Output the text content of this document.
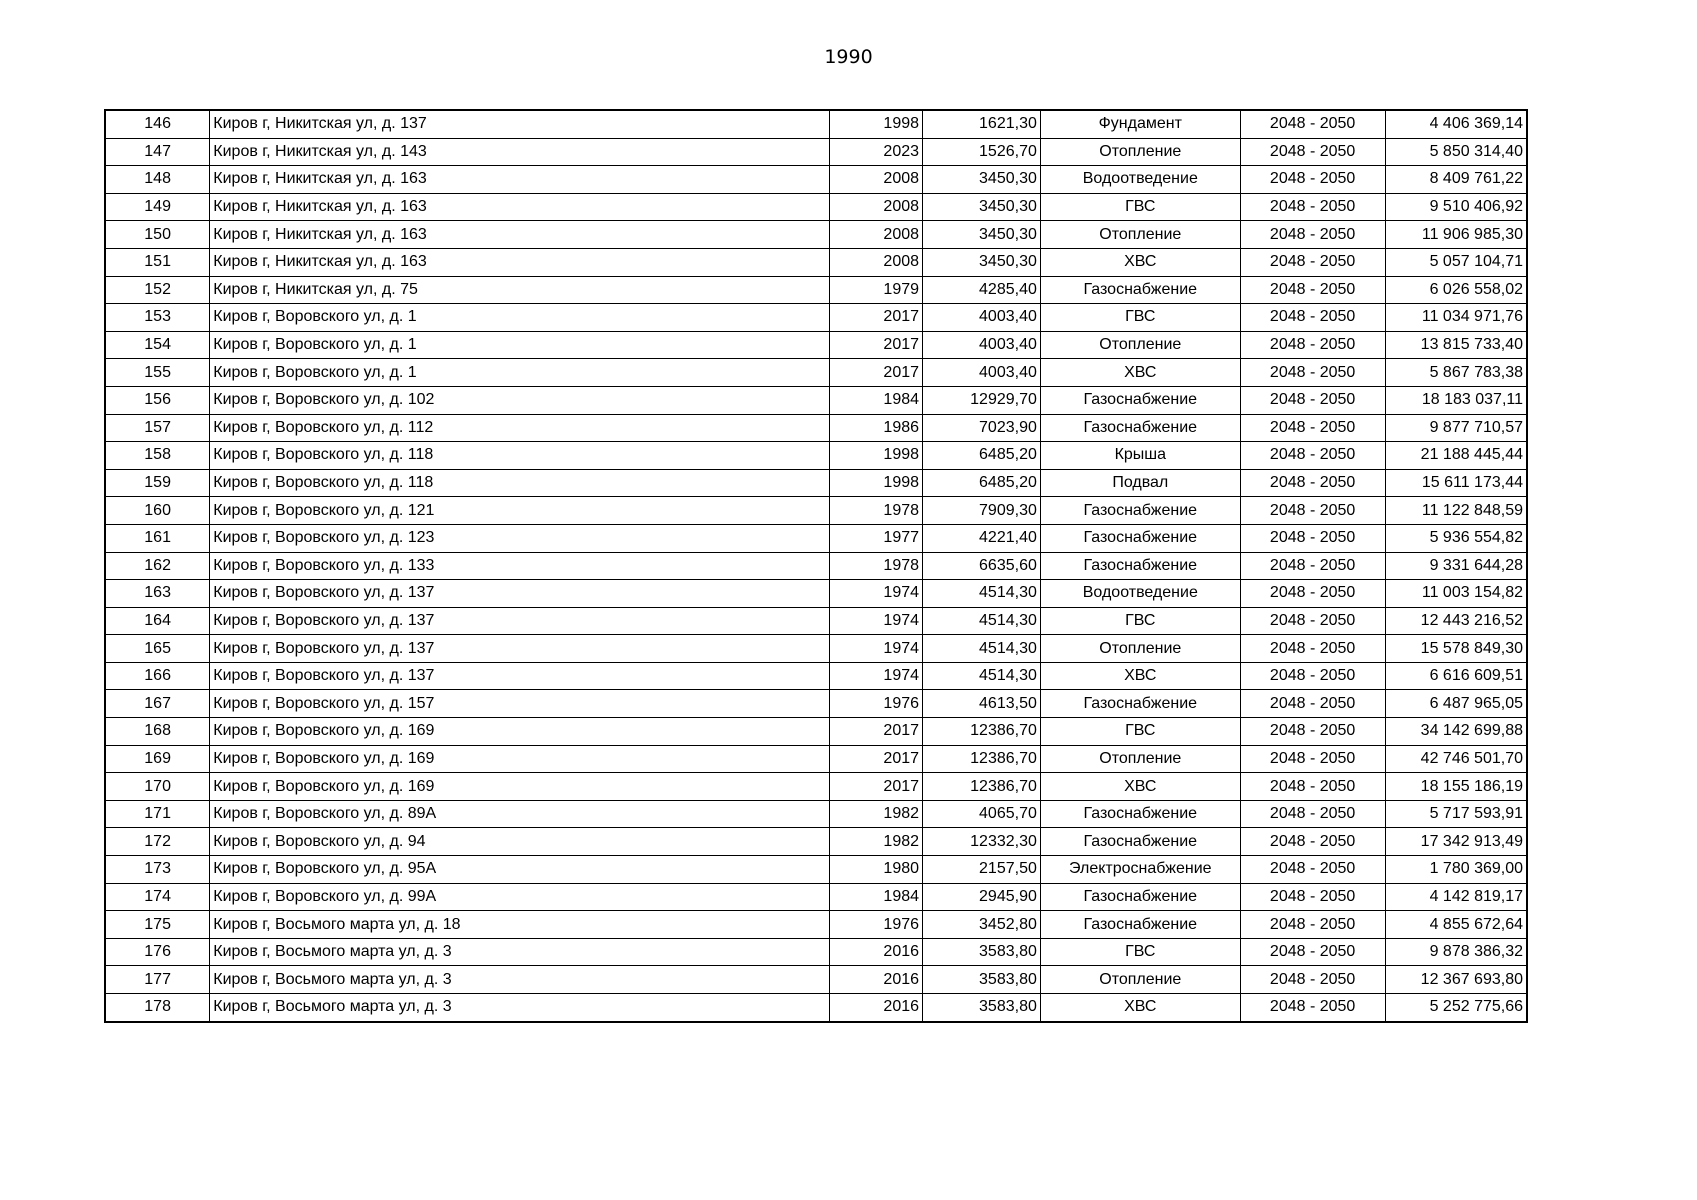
1990
146	Киров г, Никитская ул, д. 137	1998	1621,30	Фундамент	2048 - 2050	4 406 369,14
147	Киров г, Никитская ул, д. 143	2023	1526,70	Отопление	2048 - 2050	5 850 314,40
148	Киров г, Никитская ул, д. 163	2008	3450,30	Водоотведение	2048 - 2050	8 409 761,22
149	Киров г, Никитская ул, д. 163	2008	3450,30	ГВС	2048 - 2050	9 510 406,92
150	Киров г, Никитская ул, д. 163	2008	3450,30	Отопление	2048 - 2050	11 906 985,30
151	Киров г, Никитская ул, д. 163	2008	3450,30	ХВС	2048 - 2050	5 057 104,71
152	Киров г, Никитская ул, д. 75	1979	4285,40	Газоснабжение	2048 - 2050	6 026 558,02
153	Киров г, Воровского ул, д. 1	2017	4003,40	ГВС	2048 - 2050	11 034 971,76
154	Киров г, Воровского ул, д. 1	2017	4003,40	Отопление	2048 - 2050	13 815 733,40
155	Киров г, Воровского ул, д. 1	2017	4003,40	ХВС	2048 - 2050	5 867 783,38
156	Киров г, Воровского ул, д. 102	1984	12929,70	Газоснабжение	2048 - 2050	18 183 037,11
157	Киров г, Воровского ул, д. 112	1986	7023,90	Газоснабжение	2048 - 2050	9 877 710,57
158	Киров г, Воровского ул, д. 118	1998	6485,20	Крыша	2048 - 2050	21 188 445,44
159	Киров г, Воровского ул, д. 118	1998	6485,20	Подвал	2048 - 2050	15 611 173,44
160	Киров г, Воровского ул, д. 121	1978	7909,30	Газоснабжение	2048 - 2050	11 122 848,59
161	Киров г, Воровского ул, д. 123	1977	4221,40	Газоснабжение	2048 - 2050	5 936 554,82
162	Киров г, Воровского ул, д. 133	1978	6635,60	Газоснабжение	2048 - 2050	9 331 644,28
163	Киров г, Воровского ул, д. 137	1974	4514,30	Водоотведение	2048 - 2050	11 003 154,82
164	Киров г, Воровского ул, д. 137	1974	4514,30	ГВС	2048 - 2050	12 443 216,52
165	Киров г, Воровского ул, д. 137	1974	4514,30	Отопление	2048 - 2050	15 578 849,30
166	Киров г, Воровского ул, д. 137	1974	4514,30	ХВС	2048 - 2050	6 616 609,51
167	Киров г, Воровского ул, д. 157	1976	4613,50	Газоснабжение	2048 - 2050	6 487 965,05
168	Киров г, Воровского ул, д. 169	2017	12386,70	ГВС	2048 - 2050	34 142 699,88
169	Киров г, Воровского ул, д. 169	2017	12386,70	Отопление	2048 - 2050	42 746 501,70
170	Киров г, Воровского ул, д. 169	2017	12386,70	ХВС	2048 - 2050	18 155 186,19
171	Киров г, Воровского ул, д. 89А	1982	4065,70	Газоснабжение	2048 - 2050	5 717 593,91
172	Киров г, Воровского ул, д. 94	1982	12332,30	Газоснабжение	2048 - 2050	17 342 913,49
173	Киров г, Воровского ул, д. 95А	1980	2157,50	Электроснабжение	2048 - 2050	1 780 369,00
174	Киров г, Воровского ул, д. 99А	1984	2945,90	Газоснабжение	2048 - 2050	4 142 819,17
175	Киров г, Восьмого марта ул, д. 18	1976	3452,80	Газоснабжение	2048 - 2050	4 855 672,64
176	Киров г, Восьмого марта ул, д. 3	2016	3583,80	ГВС	2048 - 2050	9 878 386,32
177	Киров г, Восьмого марта ул, д. 3	2016	3583,80	Отопление	2048 - 2050	12 367 693,80
178	Киров г, Восьмого марта ул, д. 3	2016	3583,80	ХВС	2048 - 2050	5 252 775,66
